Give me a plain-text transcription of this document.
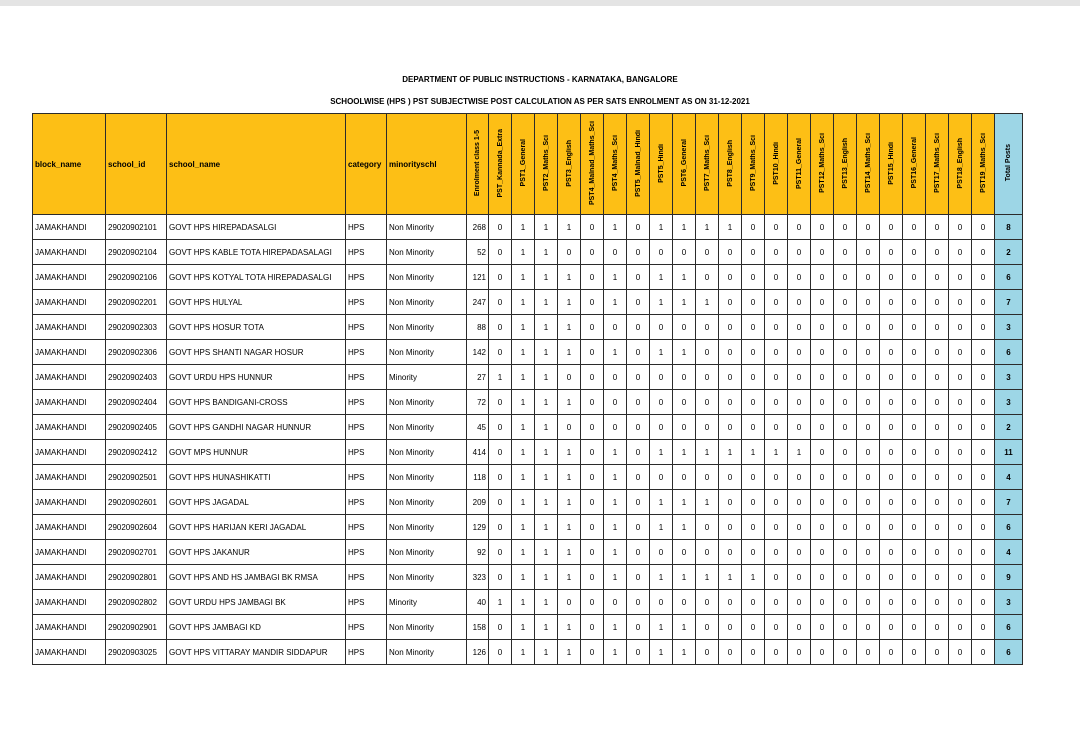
DEPARTMENT OF PUBLIC INSTRUCTIONS - KARNATAKA, BANGALORE
SCHOOLWISE (HPS ) PST SUBJECTWISE POST CALCULATION AS PER SATS ENROLMENT AS ON 31-12-2021
block_name	school_id	school_name	category	minorityschl	Enrolment class 1-5	PST_Kannada_Extra	PST1_General	PST2_Maths_Sci	PST3_English	PST4_Malnad_Maths_Sci	PST4_Maths_Sci	PST5_Malnad_Hindi	PST5_Hindi	PST6_General	PST7_Maths_Sci	PST8_English	PST9_Maths_Sci	PST10_Hindi	PST11_General	PST12_Maths_Sci	PST13_English	PST14_Maths_Sci	PST15_Hindi	PST16_General	PST17_Maths_Sci	PST18_English	PST19_Maths_Sci	Total Posts
JAMAKHANDI	29020902101	GOVT HPS HIREPADASALGI	HPS	Non Minority	268	0	1	1	1	0	1	0	1	1	1	1	0	0	0	0	0	0	0	0	0	0	0	8
JAMAKHANDI	29020902104	GOVT HPS KABLE TOTA HIREPADASALAGI	HPS	Non Minority	52	0	1	1	0	0	0	0	0	0	0	0	0	0	0	0	0	0	0	0	0	0	0	2
JAMAKHANDI	29020902106	GOVT HPS KOTYAL TOTA HIREPADASALGI	HPS	Non Minority	121	0	1	1	1	0	1	0	1	1	0	0	0	0	0	0	0	0	0	0	0	0	0	6
JAMAKHANDI	29020902201	GOVT HPS HULYAL	HPS	Non Minority	247	0	1	1	1	0	1	0	1	1	1	0	0	0	0	0	0	0	0	0	0	0	0	7
JAMAKHANDI	29020902303	GOVT HPS HOSUR TOTA	HPS	Non Minority	88	0	1	1	1	0	0	0	0	0	0	0	0	0	0	0	0	0	0	0	0	0	0	3
JAMAKHANDI	29020902306	GOVT HPS SHANTI NAGAR HOSUR	HPS	Non Minority	142	0	1	1	1	0	1	0	1	1	0	0	0	0	0	0	0	0	0	0	0	0	0	6
JAMAKHANDI	29020902403	GOVT URDU HPS HUNNUR	HPS	Minority	27	1	1	1	0	0	0	0	0	0	0	0	0	0	0	0	0	0	0	0	0	0	0	3
JAMAKHANDI	29020902404	GOVT HPS BANDIGANI-CROSS	HPS	Non Minority	72	0	1	1	1	0	0	0	0	0	0	0	0	0	0	0	0	0	0	0	0	0	0	3
JAMAKHANDI	29020902405	GOVT HPS GANDHI NAGAR HUNNUR	HPS	Non Minority	45	0	1	1	0	0	0	0	0	0	0	0	0	0	0	0	0	0	0	0	0	0	0	2
JAMAKHANDI	29020902412	GOVT MPS HUNNUR	HPS	Non Minority	414	0	1	1	1	0	1	0	1	1	1	1	1	1	1	0	0	0	0	0	0	0	0	11
JAMAKHANDI	29020902501	GOVT HPS HUNASHIKATTI	HPS	Non Minority	118	0	1	1	1	0	1	0	0	0	0	0	0	0	0	0	0	0	0	0	0	0	0	4
JAMAKHANDI	29020902601	GOVT HPS JAGADAL	HPS	Non Minority	209	0	1	1	1	0	1	0	1	1	1	0	0	0	0	0	0	0	0	0	0	0	0	7
JAMAKHANDI	29020902604	GOVT HPS HARIJAN KERI JAGADAL	HPS	Non Minority	129	0	1	1	1	0	1	0	1	1	0	0	0	0	0	0	0	0	0	0	0	0	0	6
JAMAKHANDI	29020902701	GOVT HPS JAKANUR	HPS	Non Minority	92	0	1	1	1	0	1	0	0	0	0	0	0	0	0	0	0	0	0	0	0	0	0	4
JAMAKHANDI	29020902801	GOVT HPS AND HS JAMBAGI BK RMSA	HPS	Non Minority	323	0	1	1	1	0	1	0	1	1	1	1	1	0	0	0	0	0	0	0	0	0	0	9
JAMAKHANDI	29020902802	GOVT URDU HPS JAMBAGI BK	HPS	Minority	40	1	1	1	0	0	0	0	0	0	0	0	0	0	0	0	0	0	0	0	0	0	0	3
JAMAKHANDI	29020902901	GOVT HPS JAMBAGI KD	HPS	Non Minority	158	0	1	1	1	0	1	0	1	1	0	0	0	0	0	0	0	0	0	0	0	0	0	6
JAMAKHANDI	29020903025	GOVT HPS VITTARAY MANDIR SIDDAPUR	HPS	Non Minority	126	0	1	1	1	0	1	0	1	1	0	0	0	0	0	0	0	0	0	0	0	0	0	6
